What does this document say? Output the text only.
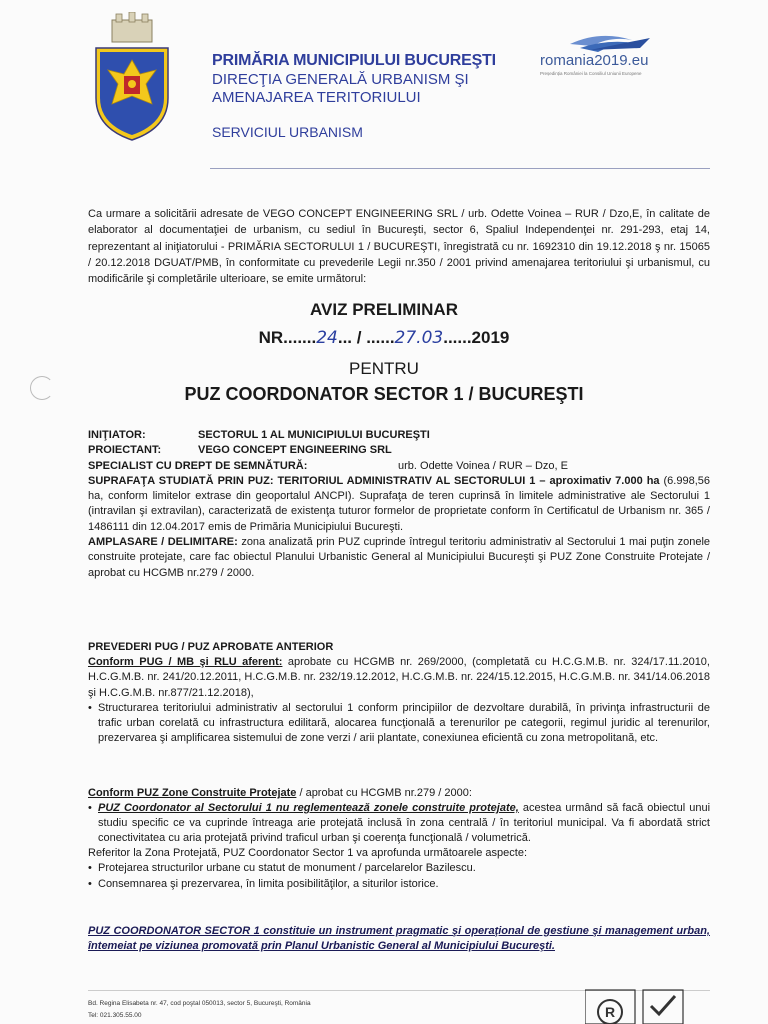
PRIMĂRIA MUNICIPIULUI BUCUREŞTI
DIRECŢIA GENERALĂ URBANISM ŞI
AMENAJAREA TERITORIULUI
SERVICIUL URBANISM
romania2019.eu
Președinția României la Consiliul Uniunii Europene
Ca urmare a solicitării adresate de VEGO CONCEPT ENGINEERING SRL / urb. Odette Voinea – RUR / Dzo,E, în calitate de elaborator al documentaţiei de urbanism, cu sediul în Bucureşti, sector 6, Spaliul Independenţei nr. 291-293, etaj 14, reprezentant al iniţiatorului - PRIMĂRIA SECTORULUI 1 / BUCUREŞTI, înregistrată cu nr. 1692310 din 19.12.2018 ş nr. 15065 / 20.12.2018 DGUAT/PMB, în conformitate cu prevederile Legii nr.350 / 2001 privind amenajarea teritoriului şi urbanismul, cu modificările şi completările ulterioare, se emite următorul:
AVIZ PRELIMINAR
NR.......24... / ......27.03......2019
PENTRU
PUZ COORDONATOR SECTOR 1 / BUCUREŞTI
INIŢIATOR:	SECTORUL 1 AL MUNICIPIULUI BUCUREŞTI
PROIECTANT:	VEGO CONCEPT ENGINEERING SRL
SPECIALIST CU DREPT DE SEMNĂTURĂ:	urb. Odette Voinea / RUR – Dzo, E
SUPRAFAŢA STUDIATĂ PRIN PUZ: TERITORIUL ADMINISTRATIV AL SECTORULUI 1 – aproximativ 7.000 ha (6.998,56 ha, conform limitelor extrase din geoportalul ANCPI). Suprafaţa de teren cuprinsă în limitele administrative ale Sectorului 1 (intravilan şi extravilan), caracterizată de existenţa tuturor formelor de proprietate conform în Certificatul de Urbanism nr. 365 / 1486111 din 12.04.2017 emis de Primăria Municipiului Bucureşti.
AMPLASARE / DELIMITARE: zona analizată prin PUZ cuprinde întregul teritoriu administrativ al Sectorului 1 mai puţin zonele construite protejate, care fac obiectul Planului Urbanistic General al Municipiului Bucureşti şi PUZ Zone Construite Protejate / aprobat cu HCGMB nr.279 / 2000.
PREVEDERI PUG / PUZ APROBATE ANTERIOR
Conform PUG / MB şi RLU aferent: aprobate cu HCGMB nr. 269/2000, (completată cu H.C.G.M.B. nr. 324/17.11.2010, H.C.G.M.B. nr. 241/20.12.2011, H.C.G.M.B. nr. 232/19.12.2012, H.C.G.M.B. nr. 224/15.12.2015, H.C.G.M.B. nr. 341/14.06.2018 şi H.C.G.M.B. nr.877/21.12.2018),
• Structurarea teritoriului administrativ al sectorului 1 conform principiilor de dezvoltare durabilă, în privinţa infrastructurii de trafic urban corelată cu infrastructura edilitară, alocarea funcţională a terenurilor pe categorii, regimul juridic al terenurilor, prezervarea şi amplificarea sistemului de zone verzi / arii plantate, conexiunea eficientă cu zona metropolitană, etc.
Conform PUZ Zone Construite Protejate / aprobat cu HCGMB nr.279 / 2000:
• PUZ Coordonator al Sectorului 1 nu reglementează zonele construite protejate, acestea urmând să facă obiectul unui studiu specific ce va cuprinde întreaga arie protejată inclusă în zona centrală / în teritoriul municipal. Va fi abordată strict conectivitatea cu aria protejată privind traficul urban şi coerenţa funcţională / volumetrică.
Referitor la Zona Protejată, PUZ Coordonator Sector 1 va aprofunda următoarele aspecte:
• Protejarea structurilor urbane cu statut de monument / parcelarelor Bazilescu.
• Consemnarea şi prezervarea, în limita posibilităţilor, a siturilor istorice.
PUZ COORDONATOR SECTOR 1 constituie un instrument pragmatic şi operaţional de gestiune şi management urban, întemeiat pe viziunea promovată prin Planul Urbanistic General al Municipiului Bucureşti.
Bd. Regina Elisabeta nr. 47, cod poştal 050013, sector 5, Bucureşti, România
Tel: 021.305.55.00	R
